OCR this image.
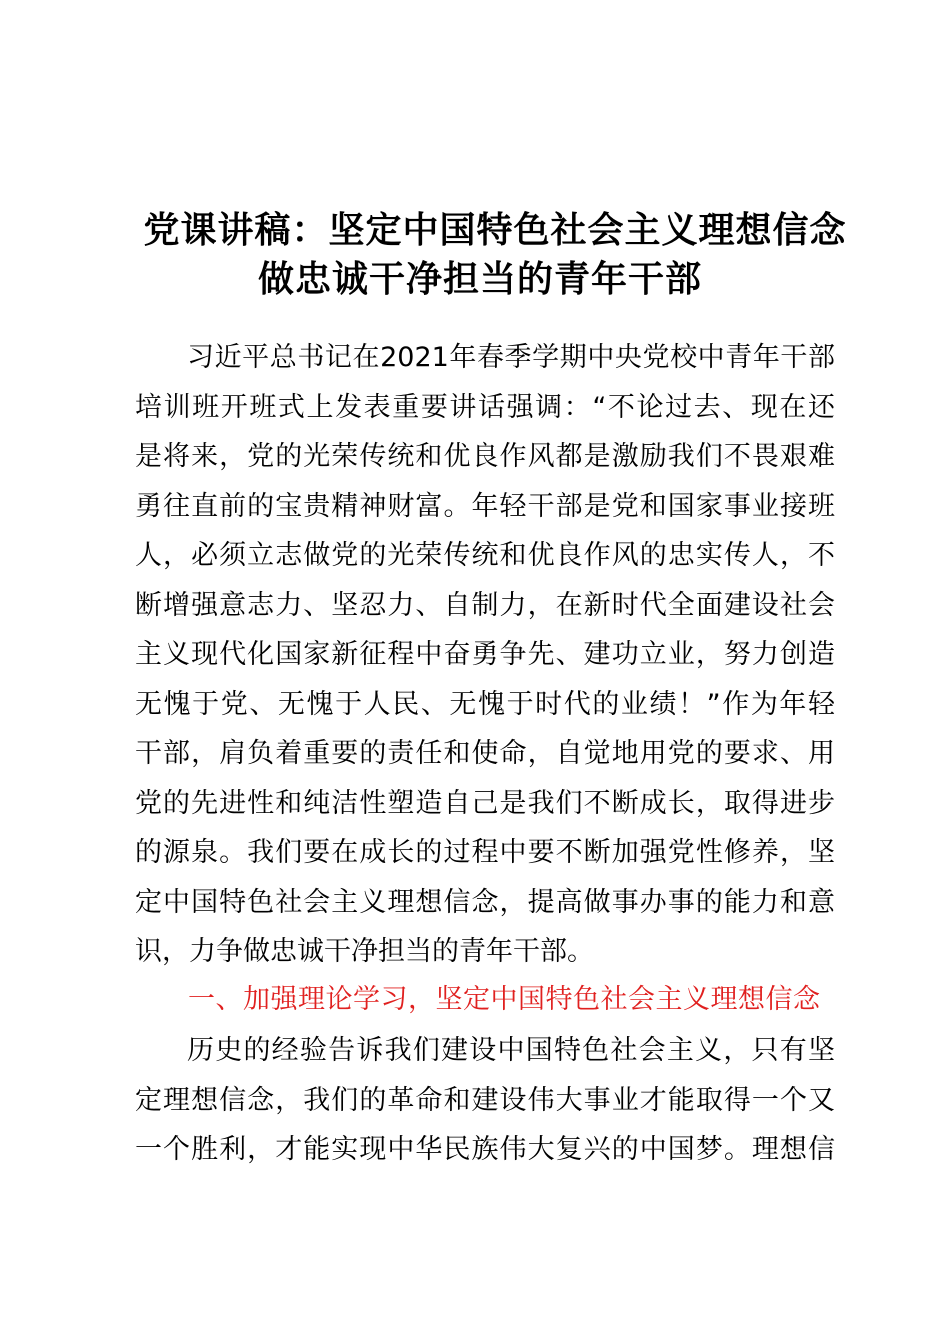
党课讲稿：坚定中国特色社会主义理想信念
做忠诚干净担当的青年干部
习近平总书记在2021年春季学期中央党校中青年干部
培训班开班式上发表重要讲话强调：“不论过去、现在还
是将来，党的光荣传统和优良作风都是激励我们不畏艰难
勇往直前的宝贵精神财富。年轻干部是党和国家事业接班
人，必须立志做党的光荣传统和优良作风的忠实传人，不
断增强意志力、坚忍力、自制力，在新时代全面建设社会
主义现代化国家新征程中奋勇争先、建功立业，努力创造
无愧于党、无愧于人民、无愧于时代的业绩！”作为年轻
干部，肩负着重要的责任和使命，自觉地用党的要求、用
党的先进性和纯洁性塑造自己是我们不断成长，取得进步
的源泉。我们要在成长的过程中要不断加强党性修养，坚
定中国特色社会主义理想信念，提高做事办事的能力和意
识，力争做忠诚干净担当的青年干部。
一、加强理论学习，坚定中国特色社会主义理想信念
历史的经验告诉我们建设中国特色社会主义，只有坚
定理想信念，我们的革命和建设伟大事业才能取得一个又
一个胜利，才能实现中华民族伟大复兴的中国梦。理想信
